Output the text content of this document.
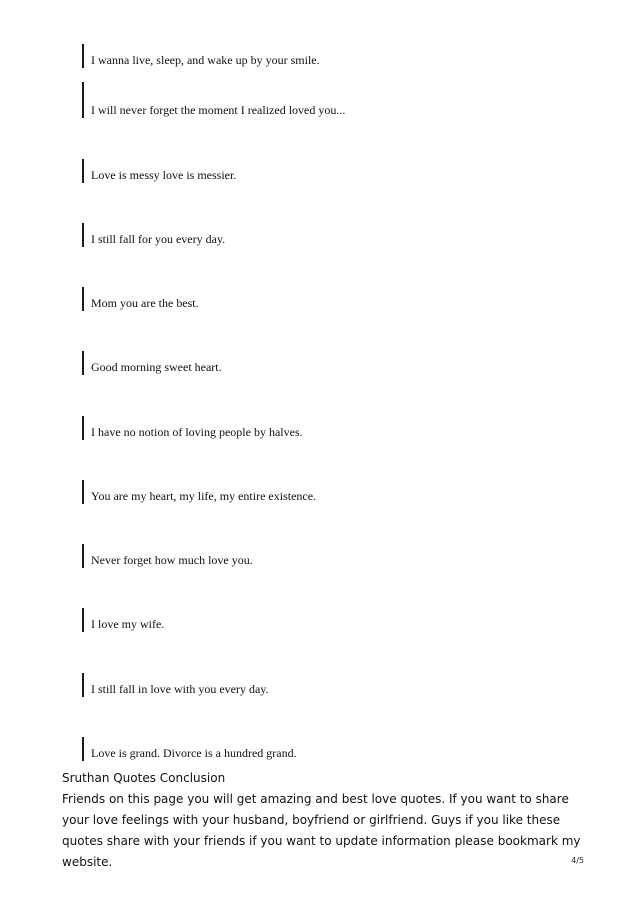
I wanna live, sleep, and wake up by your smile.
I will never forget the moment I realized loved you...
Love is messy love is messier.
I still fall for you every day.
Mom you are the best.
Good morning sweet heart.
I have no notion of loving people by halves.
You are my heart, my life, my entire existence.
Never forget how much love you.
I love my wife.
I still fall in love with you every day.
Love is grand. Divorce is a hundred grand.

Sruthan Quotes Conclusion

Friends on this page you will get amazing and best love quotes. If you want to share your love feelings with your husband, boyfriend or girlfriend. Guys if you like these quotes share with your friends if you want to update information please bookmark my website.	4/5
